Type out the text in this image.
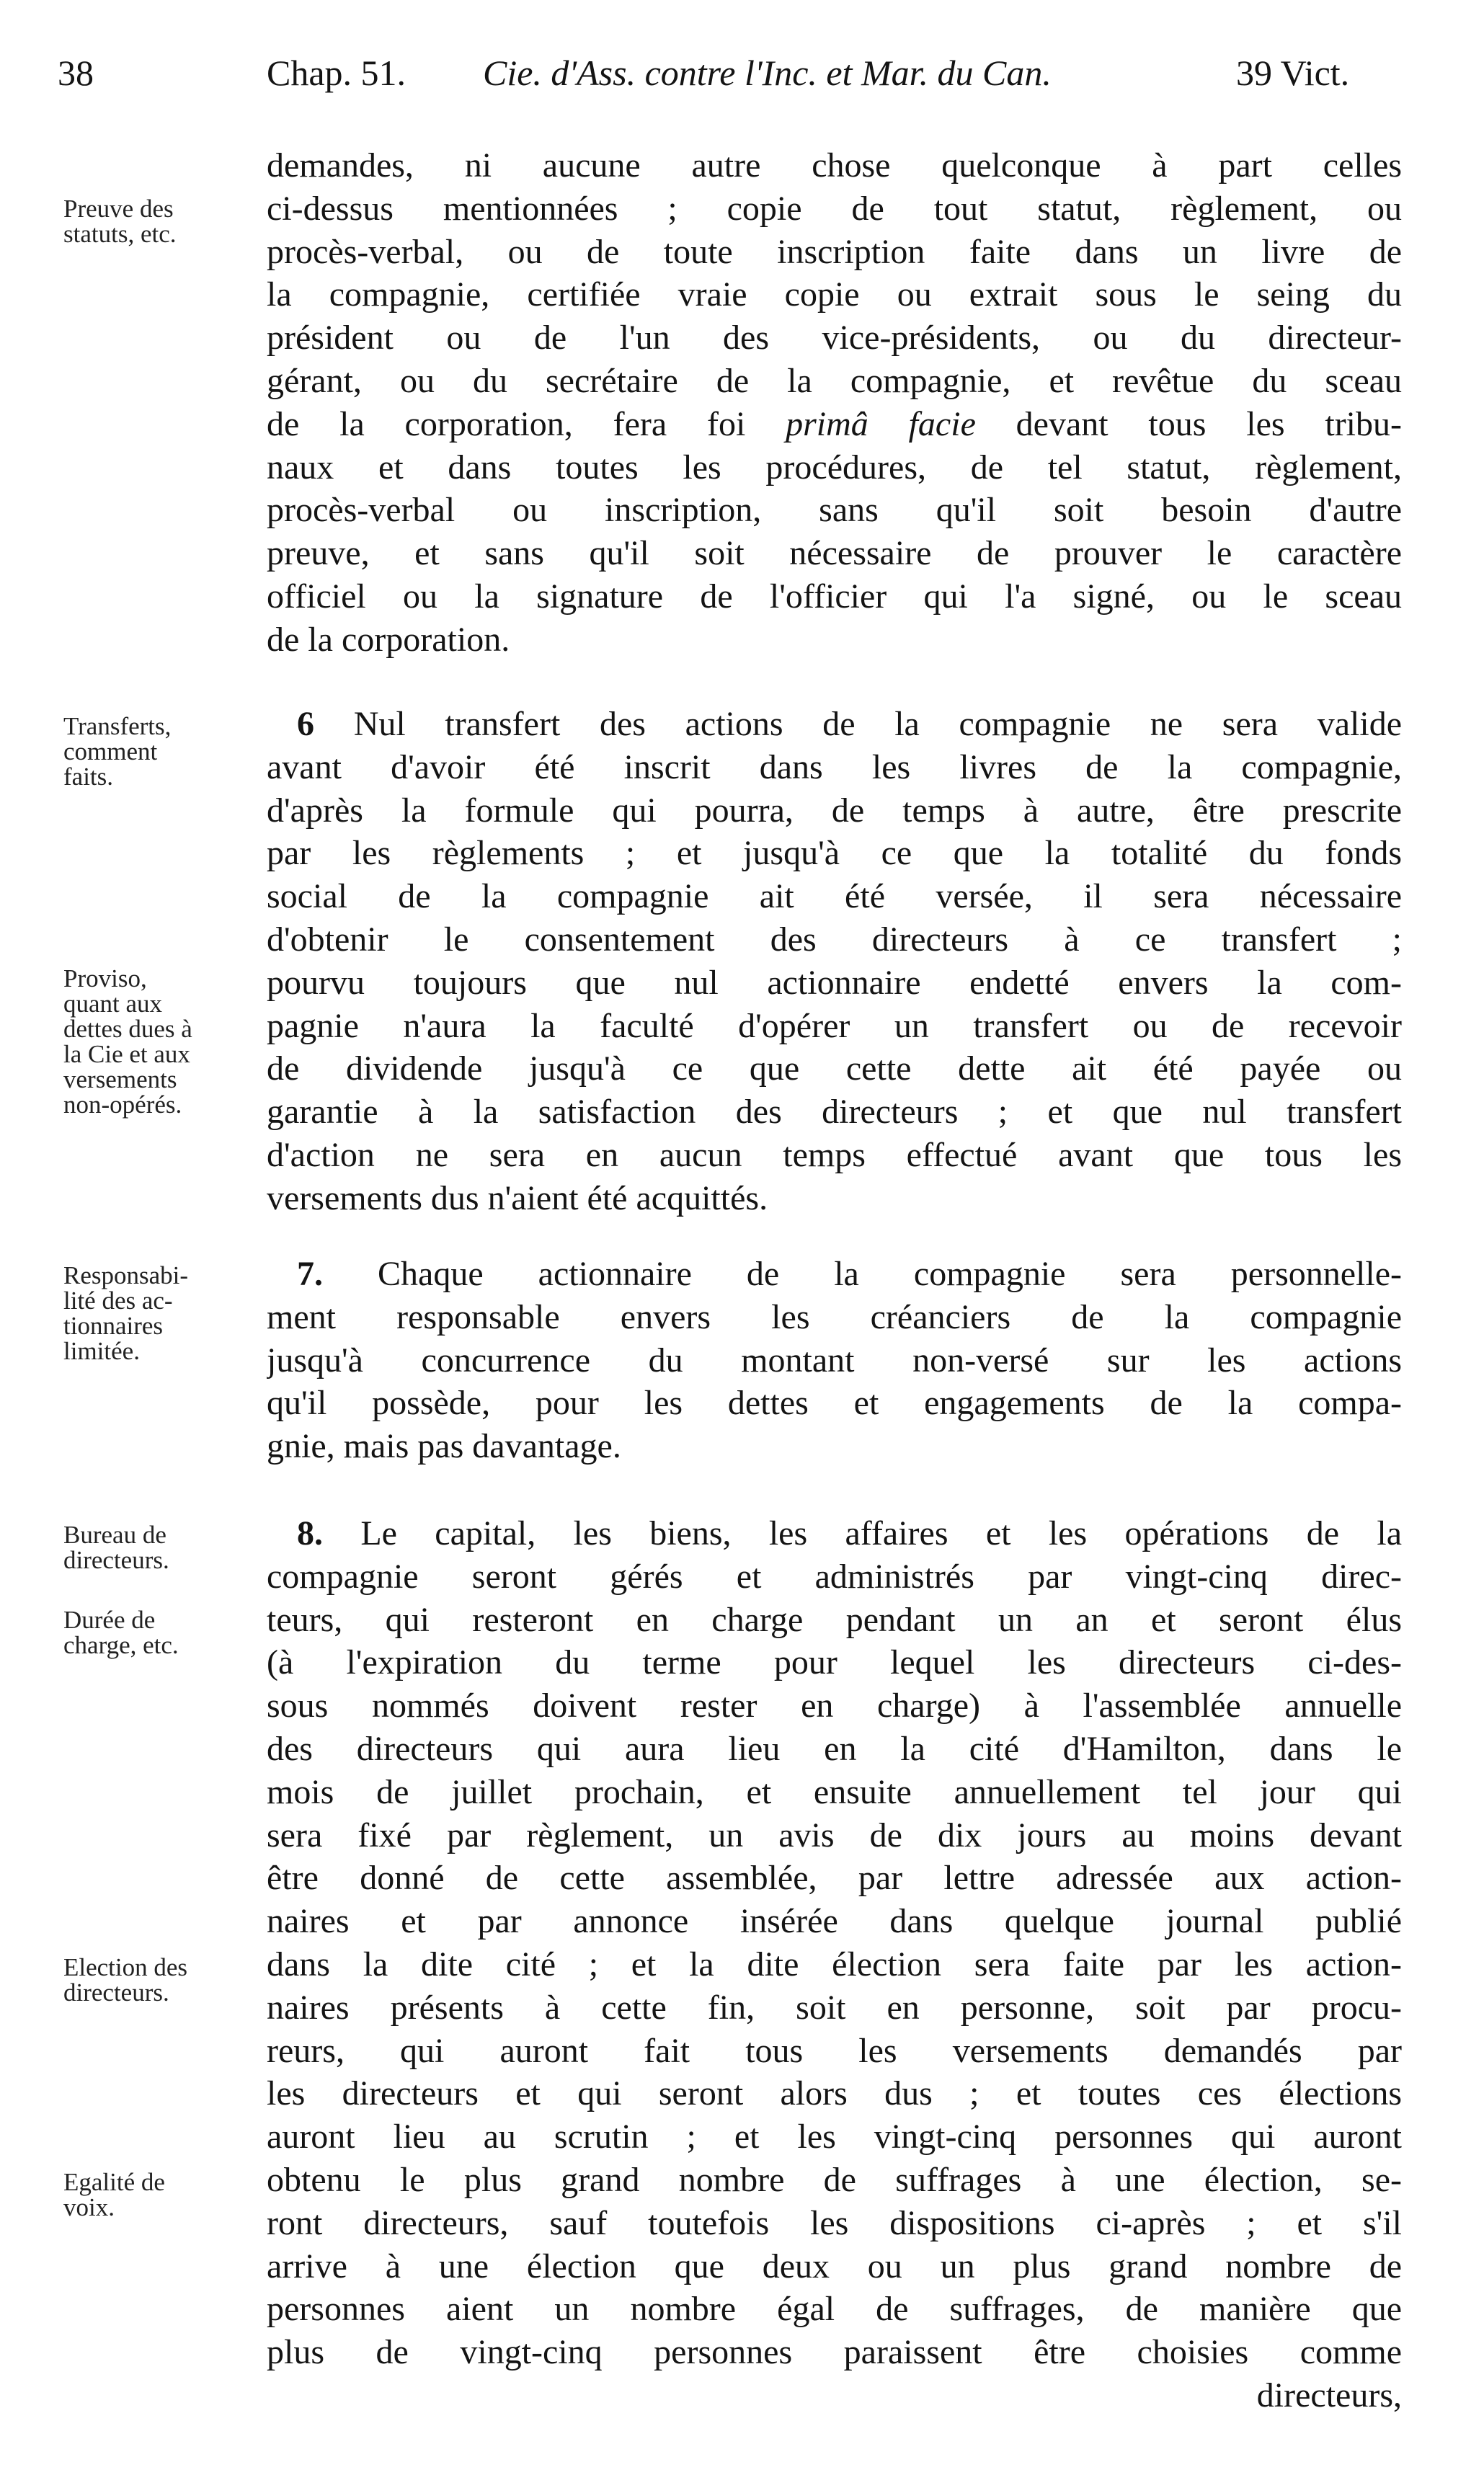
38	Chap. 51. Cie. d'Ass. contre l'Inc. et Mar. du Can.	39 Vict.
Preuve des
statuts, etc.
Transferts,
comment
faits.
Proviso,
quant aux
dettes dues à
la Cie et aux
versements
non-opérés.
Responsabi-
lité des ac-
tionnaires
limitée.
Bureau de
directeurs.
Durée de
charge, etc.
Election des
directeurs.
Egalité de
voix.
demandes, ni aucune autre chose quelconque à part celles
ci-dessus mentionnées ; copie de tout statut, règlement, ou
procès-verbal, ou de toute inscription faite dans un livre de
la compagnie, certifiée vraie copie ou extrait sous le seing du
président ou de l'un des vice-présidents, ou du directeur-
gérant, ou du secrétaire de la compagnie, et revêtue du sceau
de la corporation, fera foi primâ facie devant tous les tribu-
naux et dans toutes les procédures, de tel statut, règlement,
procès-verbal ou inscription, sans qu'il soit besoin d'autre
preuve, et sans qu'il soit nécessaire de prouver le caractère
officiel ou la signature de l'officier qui l'a signé, ou le sceau
de la corporation.
6 Nul transfert des actions de la compagnie ne sera valide
avant d'avoir été inscrit dans les livres de la compagnie,
d'après la formule qui pourra, de temps à autre, être prescrite
par les règlements ; et jusqu'à ce que la totalité du fonds
social de la compagnie ait été versée, il sera nécessaire
d'obtenir le consentement des directeurs à ce transfert ;
pourvu toujours que nul actionnaire endetté envers la com-
pagnie n'aura la faculté d'opérer un transfert ou de recevoir
de dividende jusqu'à ce que cette dette ait été payée ou
garantie à la satisfaction des directeurs ; et que nul transfert
d'action ne sera en aucun temps effectué avant que tous les
versements dus n'aient été acquittés.
7. Chaque actionnaire de la compagnie sera personnelle-
ment responsable envers les créanciers de la compagnie
jusqu'à concurrence du montant non-versé sur les actions
qu'il possède, pour les dettes et engagements de la compa-
gnie, mais pas davantage.
8. Le capital, les biens, les affaires et les opérations de la
compagnie seront gérés et administrés par vingt-cinq direc-
teurs, qui resteront en charge pendant un an et seront élus
(à l'expiration du terme pour lequel les directeurs ci-des-
sous nommés doivent rester en charge) à l'assemblée annuelle
des directeurs qui aura lieu en la cité d'Hamilton, dans le
mois de juillet prochain, et ensuite annuellement tel jour qui
sera fixé par règlement, un avis de dix jours au moins devant
être donné de cette assemblée, par lettre adressée aux action-
naires et par annonce insérée dans quelque journal publié
dans la dite cité ; et la dite élection sera faite par les action-
naires présents à cette fin, soit en personne, soit par procu-
reurs, qui auront fait tous les versements demandés par
les directeurs et qui seront alors dus ; et toutes ces élections
auront lieu au scrutin ; et les vingt-cinq personnes qui auront
obtenu le plus grand nombre de suffrages à une élection, se-
ront directeurs, sauf toutefois les dispositions ci-après ; et s'il
arrive à une élection que deux ou un plus grand nombre de
personnes aient un nombre égal de suffrages, de manière que
plus de vingt-cinq personnes paraissent être choisies comme
directeurs,
